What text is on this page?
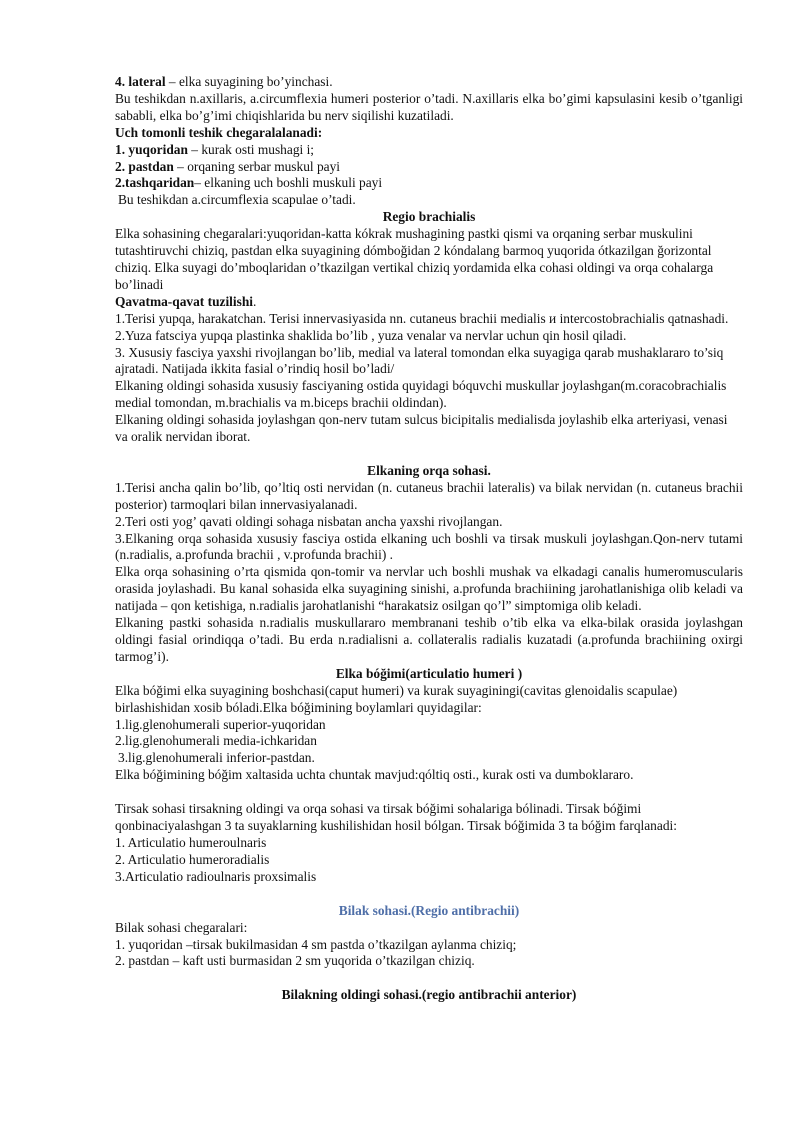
4. lateral – elka suyagining bo’yinchasi.

Bu teshikdan n.axillaris, a.circumflexia humeri posterior o’tadi. N.axillaris elka bo’gimi kapsulasini kesib o’tganligi sababli, elka bo’g’imi chiqishlarida bu nerv siqilishi kuzatiladi.

Uch tomonli teshik chegaralalanadi:

1. yuqoridan – kurak osti mushagi i;

2. pastdan – orqaning serbar muskul payi

2.tashqaridan– elkaning uch boshli muskuli payi

Bu teshikdan a.circumflexia scapulae o’tadi.

Regio brachialis

Elka sohasining chegaralari:yuqoridan-katta kókrak mushagining pastki qismi va orqaning serbar muskulini tutashtiruvchi chiziq, pastdan elka suyagining dómboğidan 2 kóndalang barmoq yuqorida ótkazilgan ğorizontal chiziq. Elka suyagi do’mboqlaridan o’tkazilgan vertikal chiziq yordamida elka cohasi oldingi va orqa cohalarga bo’linadi

Qavatma-qavat tuzilishi.

1.Terisi yupqa, harakatchan. Terisi innervasiyasida nn. cutaneus brachii medialis и intercostobrachialis qatnashadi.

2.Yuza fatsciya yupqa plastinka shaklida bo’lib , yuza venalar va nervlar uchun qin hosil qiladi.

3. Xususiy fasciya yaxshi rivojlangan bo’lib, medial va lateral tomondan elka suyagiga qarab mushaklararo to’siq ajratadi. Natijada ikkita fasial o’rindiq hosil bo’ladi/

Elkaning oldingi sohasida xususiy fasciyaning ostida quyidagi bóquvchi muskullar joylashgan(m.coracobrachialis medial tomondan, m.brachialis va m.biceps brachii oldindan).

Elkaning oldingi sohasida joylashgan qon-nerv tutam sulcus bicipitalis medialisda joylashib elka arteriyasi, venasi va oralik nervidan iborat.

Elkaning orqa sohasi.

1.Terisi ancha qalin bo’lib, qo’ltiq osti nervidan (n. cutaneus brachii lateralis) va bilak nervidan (n. cutaneus brachii posterior) tarmoqlari bilan innervasiyalanadi.

2.Teri osti yog’ qavati oldingi sohaga nisbatan ancha yaxshi rivojlangan.

3.Elkaning orqa sohasida xususiy fasciya ostida elkaning uch boshli va tirsak muskuli joylashgan.Qon-nerv tutami (n.radialis, a.profunda brachii , v.profunda brachii) .

Elka orqa sohasining o’rta qismida qon-tomir va nervlar uch boshli mushak va elkadagi canalis humeromuscularis orasida joylashadi. Bu kanal sohasida elka suyagining sinishi, a.profunda brachiining jarohatlanishiga olib keladi va natijada – qon ketishiga, n.radialis jarohatlanishi “harakatsiz osilgan qo’l” simptomiga olib keladi.

Elkaning pastki sohasida n.radialis muskullararo membranani teshib o’tib elka va elka-bilak orasida joylashgan oldingi fasial orindiqqa o’tadi. Bu erda n.radialisni a. collateralis radialis kuzatadi (a.profunda brachiining oxirgi tarmog’i).

Elka bóğimi(articulatio humeri )

Elka bóğimi elka suyagining boshchasi(caput humeri) va kurak suyaginingi(cavitas glenoidalis scapulae) birlashishidan xosib bóladi.Elka bóğimining boylamlari quyidagilar:

1.lig.glenohumerali superior-yuqoridan

2.lig.glenohumerali media-ichkaridan

3.lig.glenohumerali inferior-pastdan.

Elka bóğimining bóğim xaltasida uchta chuntak mavjud:qóltiq osti., kurak osti va dumboklararo.

Tirsak sohasi tirsakning oldingi va orqa sohasi va tirsak bóğimi sohalariga bólinadi. Tirsak bóğimi qonbinaciyalashgan 3 ta suyaklarning kushilishidan hosil bólgan. Tirsak bóğimida 3 ta bóğim farqlanadi:

1. Articulatio humeroulnaris

2. Articulatio humeroradialis

3.Articulatio radioulnaris proxsimalis

Bilak sohasi.(Regio antibrachii)

Bilak sohasi chegaralari:

1. yuqoridan –tirsak bukilmasidan 4 sm pastda o’tkazilgan aylanma chiziq;

2. pastdan – kaft usti burmasidan 2 sm yuqorida o’tkazilgan chiziq.

Bilakning oldingi sohasi.(regio antibrachii anterior)
